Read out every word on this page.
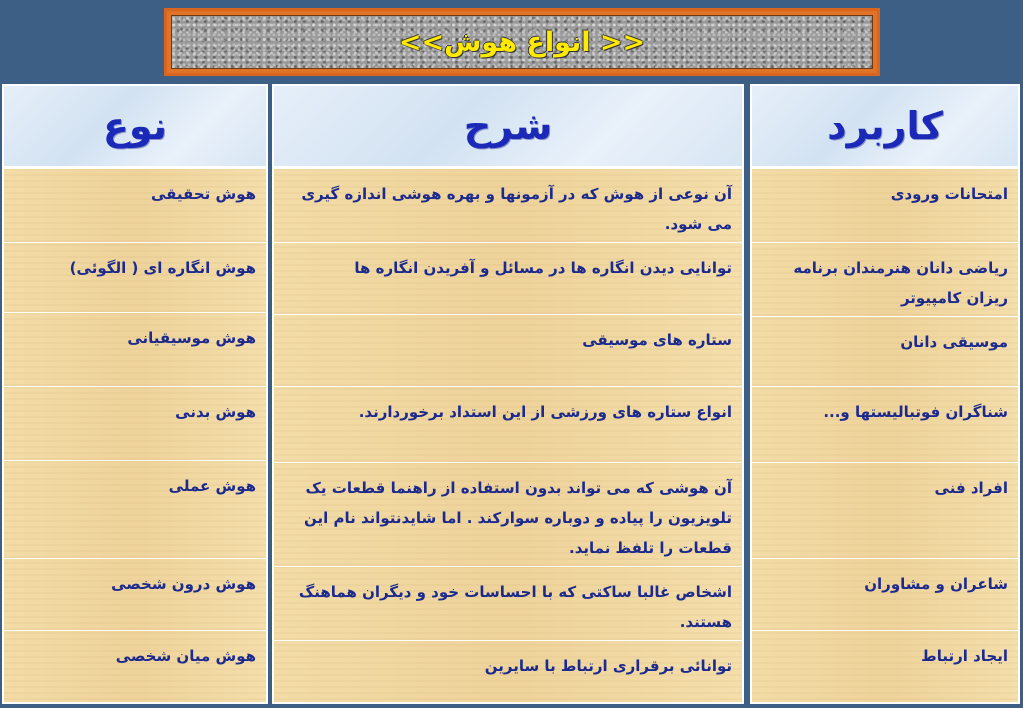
<< انواع هوش>>
نوع
هوش تحقیقی
هوش انگاره ای ( الگوئی)
هوش موسیقیانی
هوش بدنی
هوش عملی
هوش درون شخصی
هوش میان شخصی
شرح
آن نوعی از هوش که در آزمونها و بهره هوشی اندازه گیری می شود.
توانایی دیدن انگاره ها در مسائل و آفریدن انگاره ها
ستاره های موسیقی
انواع ستاره های ورزشی از این استداد برخوردارند.
آن هوشی که می تواند بدون استفاده از راهنما قطعات یک تلویزیون را پیاده و دوباره سوارکند . اما شایدنتواند نام این قطعات را تلفظ نماید.
اشخاص غالبا ساکتی که با احساسات خود و دیگران هماهنگ هستند.
توانائی برقراری ارتباط با سایرین
کاربرد
امتحانات ورودی
ریاضی دانان هنرمندان برنامه ریزان کامپیوتر
موسیقی دانان
شناگران فوتبالیستها و...
افراد فنی
شاعران و مشاوران
ایجاد ارتباط
